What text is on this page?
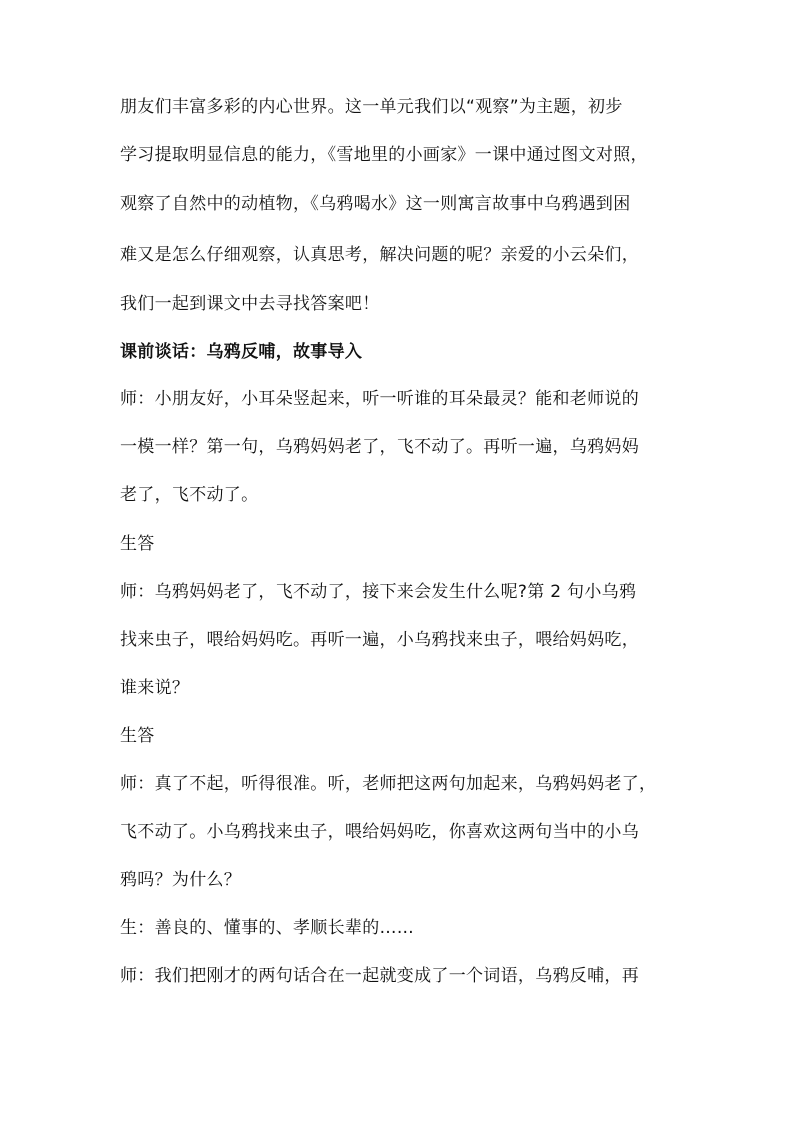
朋友们丰富多彩的内心世界。这一单元我们以“观察”为主题，初步
学习提取明显信息的能力，《雪地里的小画家》一课中通过图文对照，
观察了自然中的动植物，《乌鸦喝水》这一则寓言故事中乌鸦遇到困
难又是怎么仔细观察，认真思考，解决问题的呢？亲爱的小云朵们，
我们一起到课文中去寻找答案吧！
课前谈话：乌鸦反哺，故事导入
师：小朋友好，小耳朵竖起来，听一听谁的耳朵最灵？能和老师说的
一模一样？第一句，乌鸦妈妈老了，飞不动了。再听一遍，乌鸦妈妈
老了，飞不动了。
生答
师：乌鸦妈妈老了，飞不动了，接下来会发生什么呢?第 2 句小乌鸦
找来虫子，喂给妈妈吃。再听一遍，小乌鸦找来虫子，喂给妈妈吃，
谁来说？
生答
师：真了不起，听得很准。听，老师把这两句加起来，乌鸦妈妈老了，
飞不动了。小乌鸦找来虫子，喂给妈妈吃，你喜欢这两句当中的小乌
鸦吗？为什么？
生：善良的、懂事的、孝顺长辈的……
师：我们把刚才的两句话合在一起就变成了一个词语，乌鸦反哺，再
